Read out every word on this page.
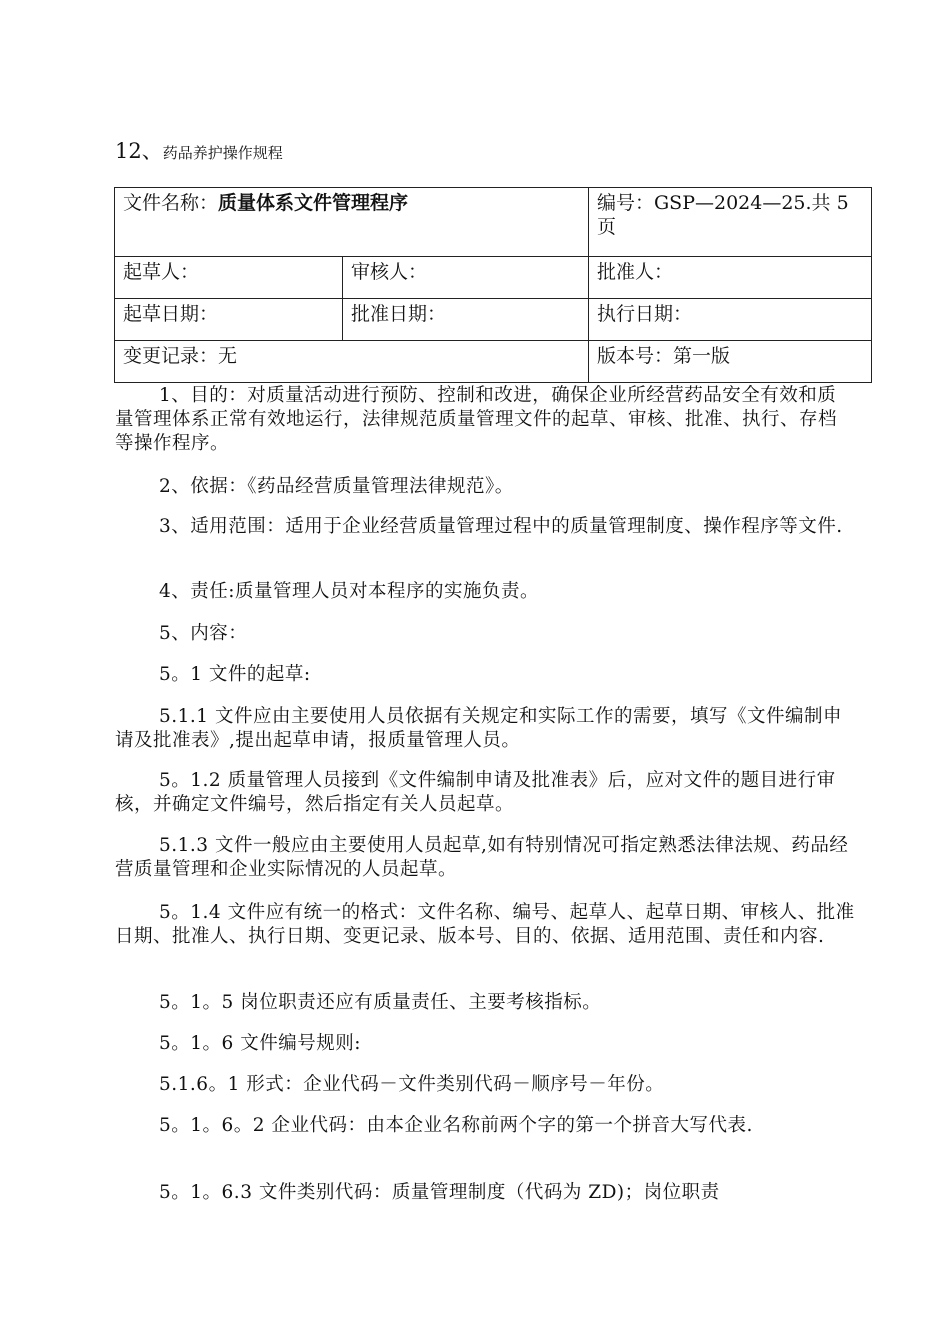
12、药品养护操作规程
文件名称：质量体系文件管理程序		编号：GSP—2024—25.共 5 页
起草人：	审核人：	批准人：
起草日期：	批准日期：	执行日期：
变更记录：无		版本号：第一版

1、目的：对质量活动进行预防、控制和改进，确保企业所经营药品安全有效和质量管理体系正常有效地运行，法律规范质量管理文件的起草、审核、批准、执行、存档等操作程序。

2、依据：《药品经营质量管理法律规范》。

3、适用范围：适用于企业经营质量管理过程中的质量管理制度、操作程序等文件.

4、责任:质量管理人员对本程序的实施负责。

5、内容：

5。1 文件的起草:

5.1.1 文件应由主要使用人员依据有关规定和实际工作的需要，填写《文件编制申请及批准表》,提出起草申请，报质量管理人员。

5。1.2 质量管理人员接到《文件编制申请及批准表》后，应对文件的题目进行审核，并确定文件编号，然后指定有关人员起草。

5.1.3 文件一般应由主要使用人员起草,如有特别情况可指定熟悉法律法规、药品经营质量管理和企业实际情况的人员起草。

5。1.4 文件应有统一的格式：文件名称、编号、起草人、起草日期、审核人、批准日期、批准人、执行日期、变更记录、版本号、目的、依据、适用范围、责任和内容.

5。1。5 岗位职责还应有质量责任、主要考核指标。

5。1。6 文件编号规则:

5.1.6。1 形式：企业代码－文件类别代码－顺序号－年份。

5。1。6。2 企业代码：由本企业名称前两个字的第一个拼音大写代表.

5。1。6.3 文件类别代码：质量管理制度（代码为 ZD)；岗位职责
